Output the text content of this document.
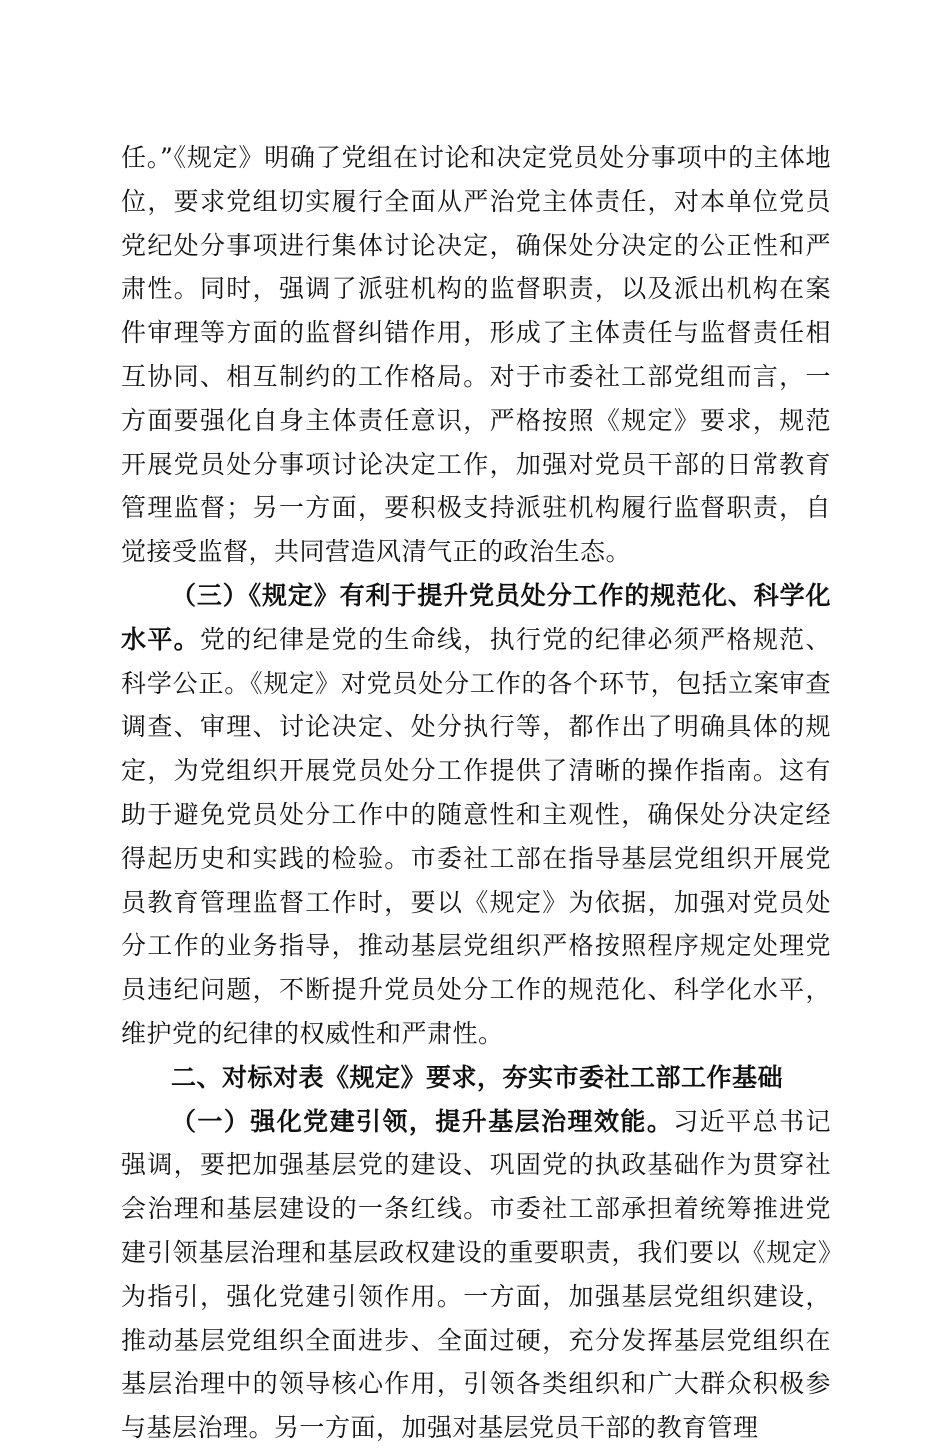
任。”《规定》明确了党组在讨论和决定党员处分事项中的主体地位，要求党组切实履行全面从严治党主体责任，对本单位党员党纪处分事项进行集体讨论决定，确保处分决定的公正性和严肃性。同时，强调了派驻机构的监督职责，以及派出机构在案件审理等方面的监督纠错作用，形成了主体责任与监督责任相互协同、相互制约的工作格局。对于市委社工部党组而言，一方面要强化自身主体责任意识，严格按照《规定》要求，规范开展党员处分事项讨论决定工作，加强对党员干部的日常教育管理监督；另一方面，要积极支持派驻机构履行监督职责，自觉接受监督，共同营造风清气正的政治生态。

（三）《规定》有利于提升党员处分工作的规范化、科学化水平。党的纪律是党的生命线，执行党的纪律必须严格规范、科学公正。《规定》对党员处分工作的各个环节，包括立案审查调查、审理、讨论决定、处分执行等，都作出了明确具体的规定，为党组织开展党员处分工作提供了清晰的操作指南。这有助于避免党员处分工作中的随意性和主观性，确保处分决定经得起历史和实践的检验。市委社工部在指导基层党组织开展党员教育管理监督工作时，要以《规定》为依据，加强对党员处分工作的业务指导，推动基层党组织严格按照程序规定处理党员违纪问题，不断提升党员处分工作的规范化、科学化水平，维护党的纪律的权威性和严肃性。

二、对标对表《规定》要求，夯实市委社工部工作基础

（一）强化党建引领，提升基层治理效能。习近平总书记强调，要把加强基层党的建设、巩固党的执政基础作为贯穿社会治理和基层建设的一条红线。市委社工部承担着统筹推进党建引领基层治理和基层政权建设的重要职责，我们要以《规定》为指引，强化党建引领作用。一方面，加强基层党组织建设，推动基层党组织全面进步、全面过硬，充分发挥基层党组织在基层治理中的领导核心作用，引领各类组织和广大群众积极参与基层治理。另一方面，加强对基层党员干部的教育管理
